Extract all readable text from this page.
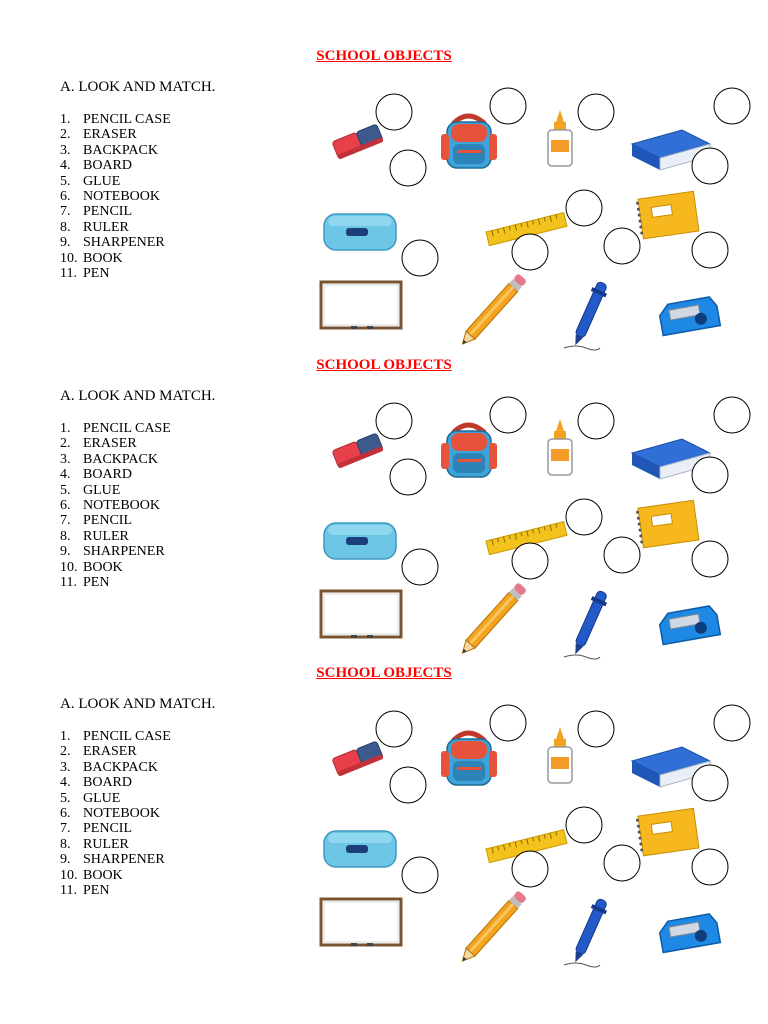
SCHOOL OBJECTS
A. LOOK AND MATCH.
1. PENCIL CASE
2. ERASER
3. BACKPACK
4. BOARD
5. GLUE
6. NOTEBOOK
7. PENCIL
8. RULER
9. SHARPENER
10. BOOK
11. PEN
SCHOOL OBJECTS
A. LOOK AND MATCH.
1. PENCIL CASE
2. ERASER
3. BACKPACK
4. BOARD
5. GLUE
6. NOTEBOOK
7. PENCIL
8. RULER
9. SHARPENER
10. BOOK
11. PEN
SCHOOL OBJECTS
A. LOOK AND MATCH.
1. PENCIL CASE
2. ERASER
3. BACKPACK
4. BOARD
5. GLUE
6. NOTEBOOK
7. PENCIL
8. RULER
9. SHARPENER
10. BOOK
11. PEN
